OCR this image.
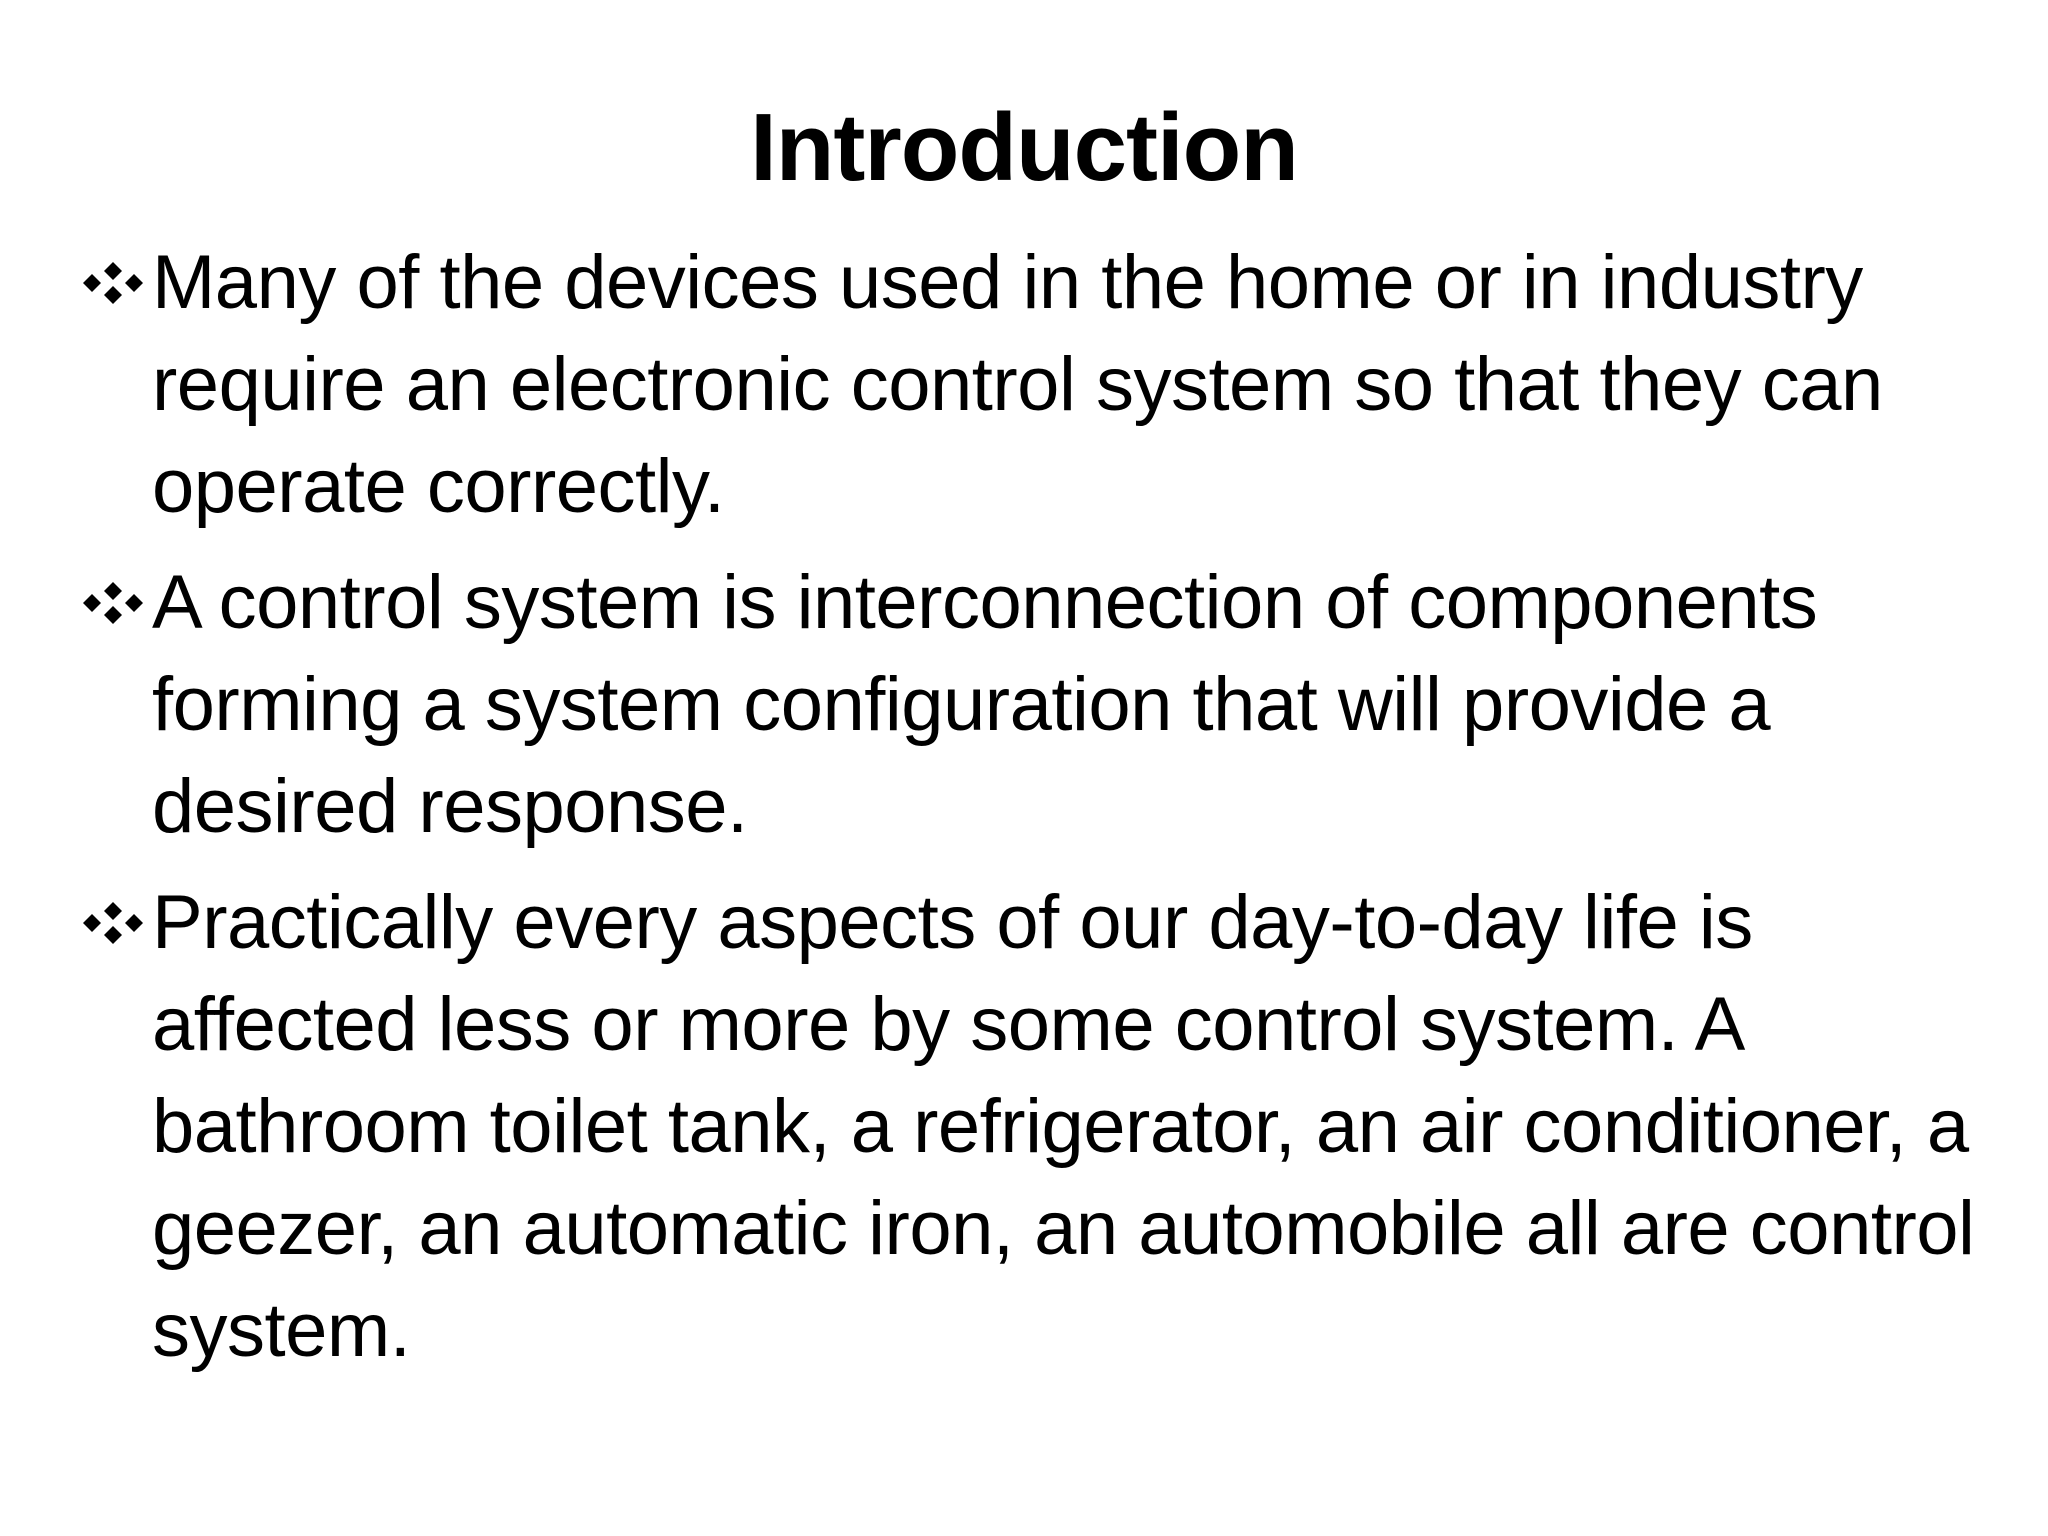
Introduction
Many of the devices used in the home or in industry require an electronic control system so that they can operate correctly.
A control system is interconnection of components forming a system configuration that will provide a desired response.
Practically every aspects of our day-to-day life is affected less or more by some control system. A bathroom toilet tank, a refrigerator, an air conditioner, a geezer, an automatic iron, an automobile all are control system.
